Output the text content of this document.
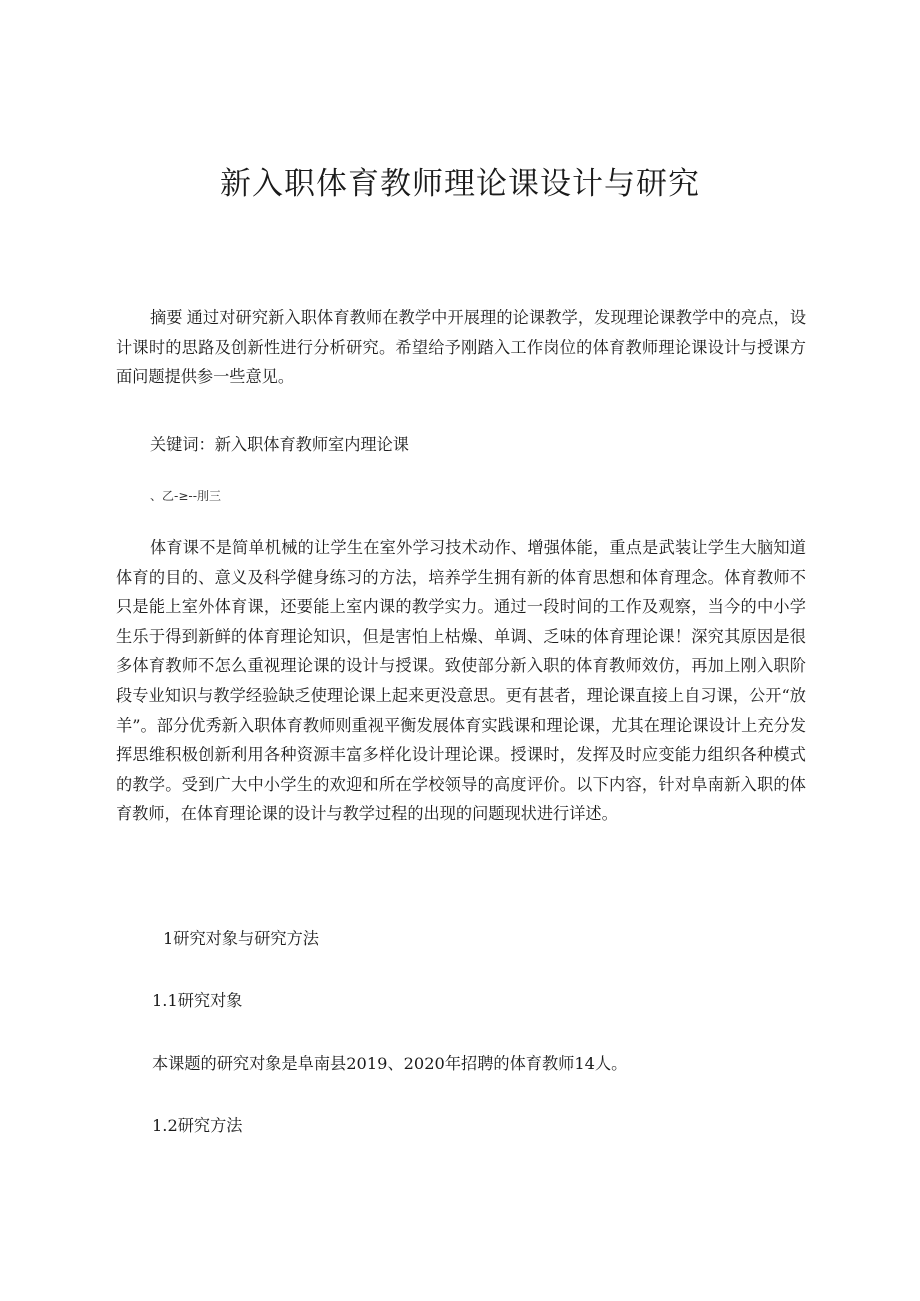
新入职体育教师理论课设计与研究

摘要 通过对研究新入职体育教师在教学中开展理的论课教学，发现理论课教学中的亮点，设计课时的思路及创新性进行分析研究。希望给予刚踏入工作岗位的体育教师理论课设计与授课方面问题提供参一些意见。

关键词：新入职体育教师室内理论课

、乙-≥--刖三

体育课不是简单机械的让学生在室外学习技术动作、增强体能，重点是武装让学生大脑知道体育的目的、意义及科学健身练习的方法，培养学生拥有新的体育思想和体育理念。体育教师不只是能上室外体育课，还要能上室内课的教学实力。通过一段时间的工作及观察，当今的中小学生乐于得到新鲜的体育理论知识，但是害怕上枯燥、单调、乏味的体育理论课！深究其原因是很多体育教师不怎么重视理论课的设计与授课。致使部分新入职的体育教师效仿，再加上刚入职阶段专业知识与教学经验缺乏使理论课上起来更没意思。更有甚者，理论课直接上自习课，公开“放羊”。部分优秀新入职体育教师则重视平衡发展体育实践课和理论课，尤其在理论课设计上充分发挥思维积极创新利用各种资源丰富多样化设计理论课。授课时，发挥及时应变能力组织各种模式的教学。受到广大中小学生的欢迎和所在学校领导的高度评价。以下内容，针对阜南新入职的体育教师，在体育理论课的设计与教学过程的出现的问题现状进行详述。

1研究对象与研究方法
1.1研究对象

本课题的研究对象是阜南县2019、2020年招聘的体育教师14人。

1.2研究方法
